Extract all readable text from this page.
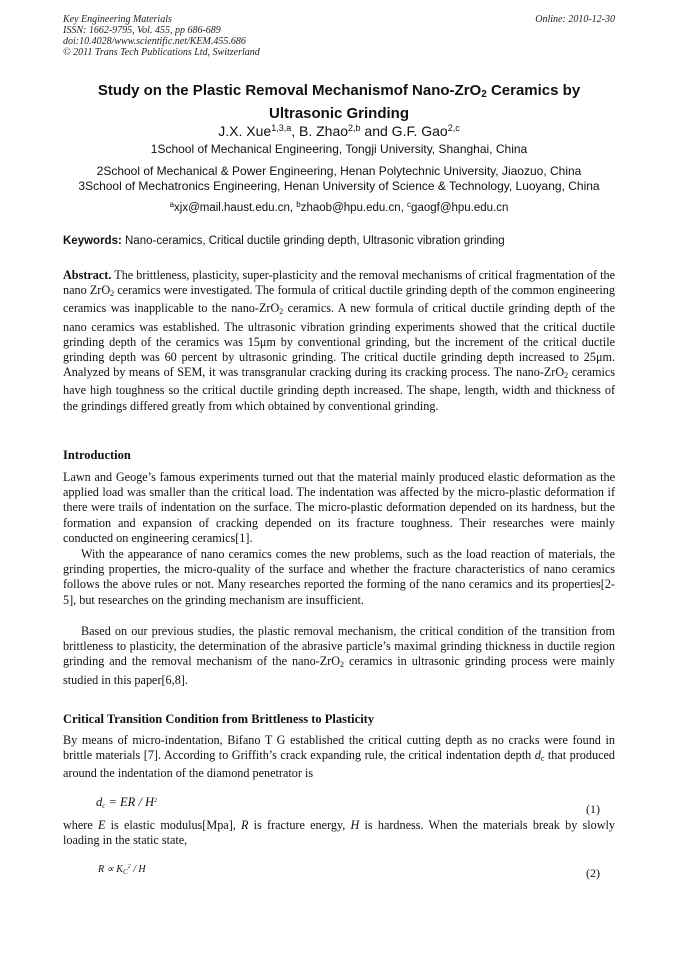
Key Engineering Materials
ISSN: 1662-9795, Vol. 455, pp 686-689
doi:10.4028/www.scientific.net/KEM.455.686
© 2011 Trans Tech Publications Ltd, Switzerland
Online: 2010-12-30
Study on the Plastic Removal Mechanismof Nano-ZrO$_2$ Ceramics by
Ultrasonic Grinding
J.X. Xue$^{1,3,a}$, B. Zhao$^{2,b}$ and G.F. Gao$^{2,c}$
1School of Mechanical Engineering, Tongji University, Shanghai, China
2School of Mechanical & Power Engineering, Henan Polytechnic University, Jiaozuo, China
3School of Mechatronics Engineering, Henan University of Science & Technology, Luoyang, China
$^a$xjx@mail.haust.edu.cn, $^b$zhaob@hpu.edu.cn, $^c$gaogf@hpu.edu.cn
Keywords: Nano-ceramics, Critical ductile grinding depth, Ultrasonic vibration grinding
Abstract. The brittleness, plasticity, super-plasticity and the removal mechanisms of critical fragmentation of the nano ZrO$_2$ ceramics were investigated. The formula of critical ductile grinding depth of the common engineering ceramics was inapplicable to the nano-ZrO$_2$ ceramics. A new formula of critical ductile grinding depth of the nano ceramics was established. The ultrasonic vibration grinding experiments showed that the critical ductile grinding depth of the ceramics was 15μm by conventional grinding, but the increment of the critical ductile grinding depth was 60 percent by ultrasonic grinding. The critical ductile grinding depth increased to 25μm. Analyzed by means of SEM, it was transgranular cracking during its cracking process. The nano-ZrO$_2$ ceramics have high toughness so the critical ductile grinding depth increased. The shape, length, width and thickness of the grindings differed greatly from which obtained by conventional grinding.
Introduction
Lawn and Geoge’s famous experiments turned out that the material mainly produced elastic deformation as the applied load was smaller than the critical load. The indentation was affected by the micro-plastic deformation if there were trails of indentation on the surface. The micro-plastic deformation depended on its hardness, but the formation and expansion of cracking depended on its fracture toughness. Their researches were mainly conducted on engineering ceramics[1].
With the appearance of nano ceramics comes the new problems, such as the load reaction of materials, the grinding properties, the micro-quality of the surface and whether the fracture characteristics of nano ceramics follows the above rules or not. Many researches reported the forming of the nano ceramics and its properties[2-5], but researches on the grinding mechanism are insufficient.
Based on our previous studies, the plastic removal mechanism, the critical condition of the transition from brittleness to plasticity, the determination of the abrasive particle’s maximal grinding thickness in ductile region grinding and the removal mechanism of the nano-ZrO$_2$ ceramics in ultrasonic grinding process were mainly studied in this paper[6,8].
Critical Transition Condition from Brittleness to Plasticity
By means of micro-indentation, Bifano T G established the critical cutting depth as no cracks were found in brittle materials [7]. According to Griffith’s crack expanding rule, the critical indentation depth $d_c$ that produced around the indentation of the diamond penetrator is
$d_c$ = ER / $H^2$
(1)
where E is elastic modulus[Mpa], R is fracture energy, H is hardness. When the materials break by slowly loading in the static state,
$R \propto K_C^2 / H$	(2)
